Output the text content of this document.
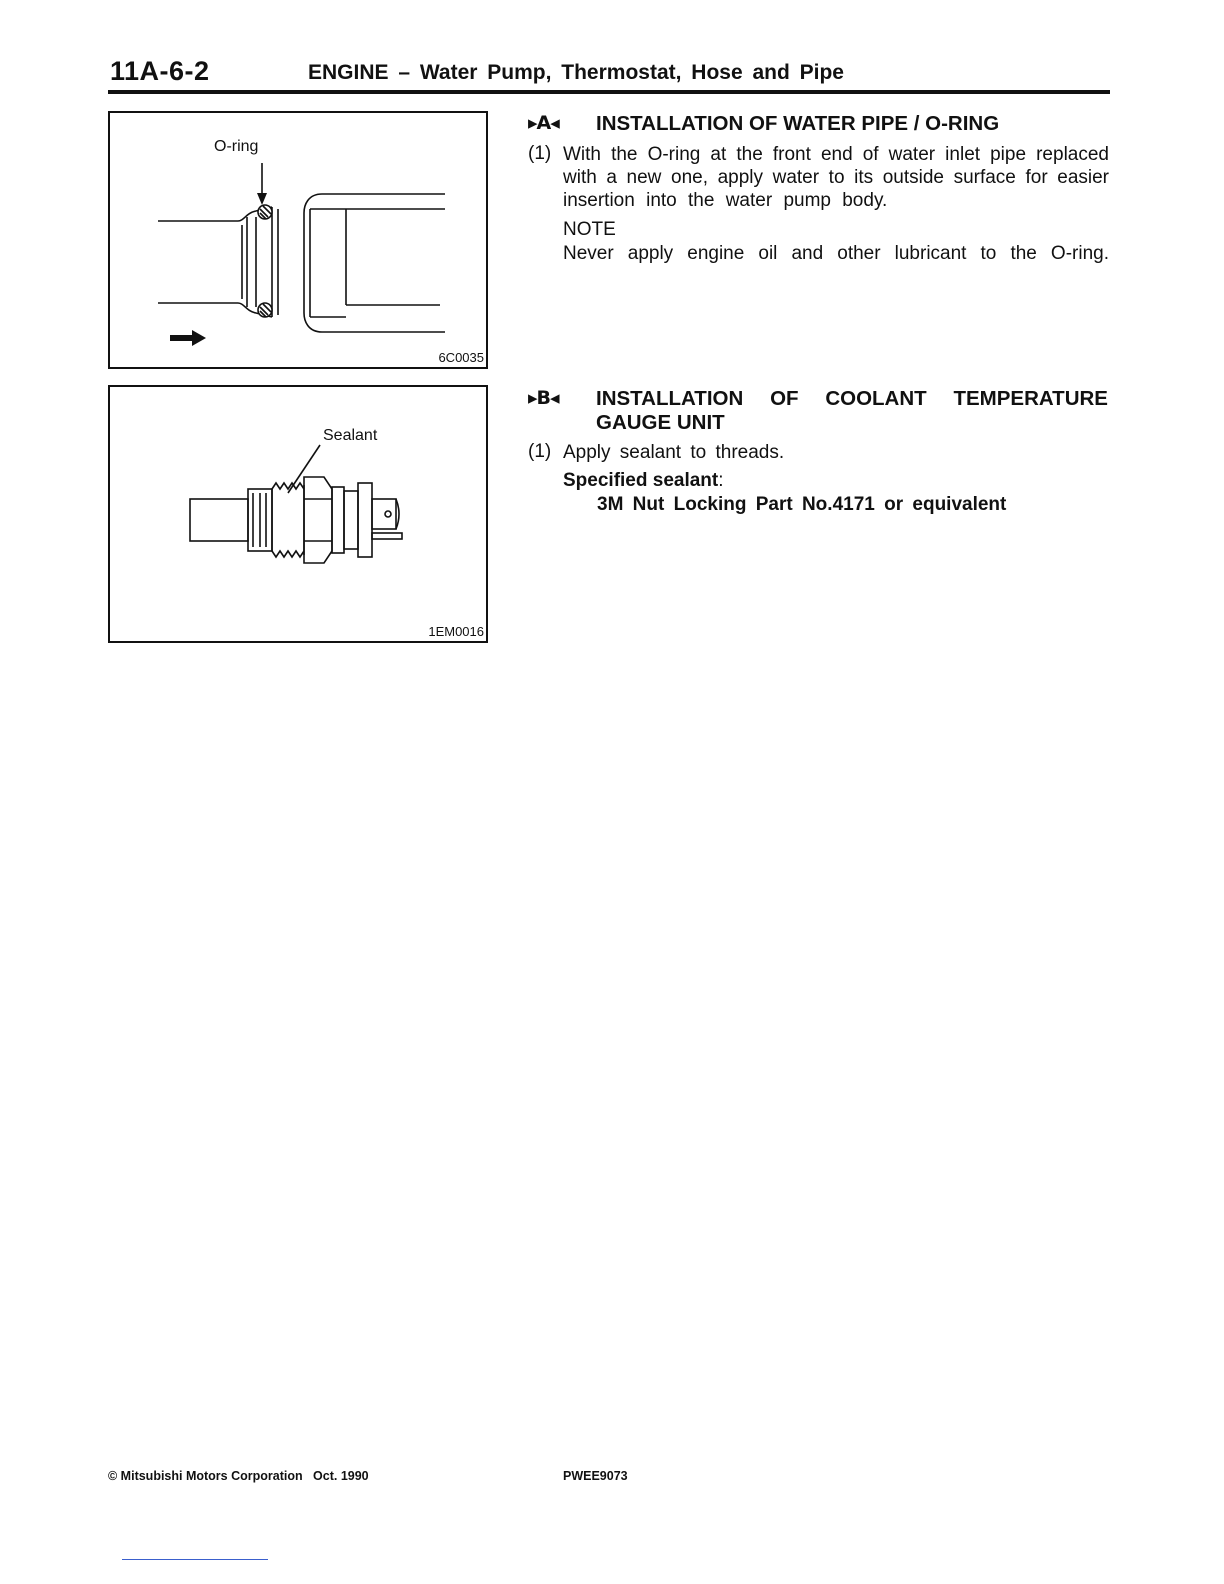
11A-6-2	ENGINE – Water Pump, Thermostat, Hose and Pipe
O-ring
6C0035
Sealant
1EM0016
▸A◂ INSTALLATION OF WATER PIPE / O-RING
(1) With the O-ring at the front end of water inlet pipe replaced
with a new one, apply water to its outside surface for easier
insertion into the water pump body.
NOTE
Never apply engine oil and other lubricant to the O-ring.
▸B◂ INSTALLATION OF COOLANT TEMPERATURE
GAUGE UNIT
(1) Apply sealant to threads.
Specified sealant:
3M Nut Locking Part No.4171 or equivalent
© Mitsubishi Motors Corporation   Oct. 1990	PWEE9073
